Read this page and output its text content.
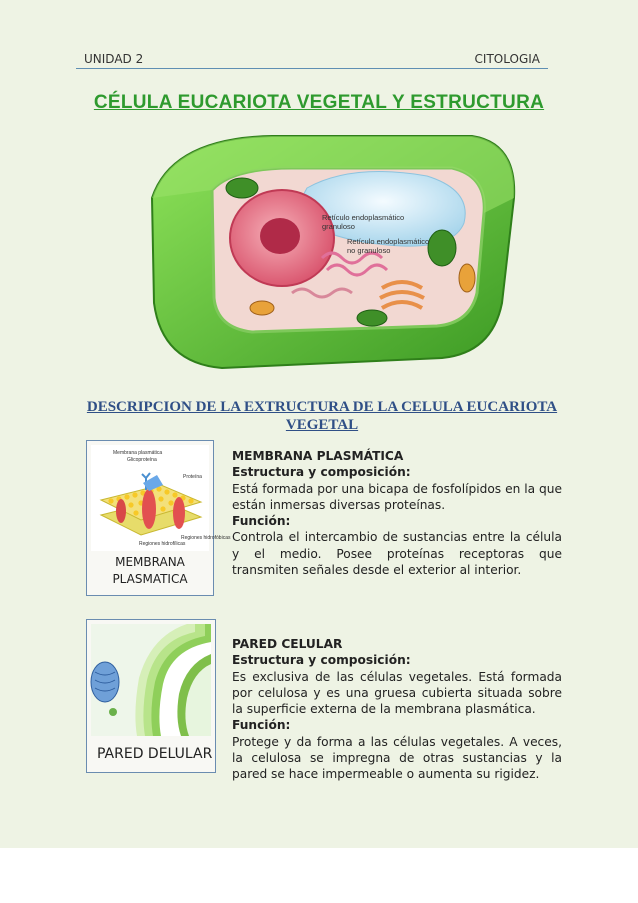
UNIDAD 2	CITOLOGIA
CÉLULA EUCARIOTA VEGETAL Y ESTRUCTURA
Retículo endoplasmático
granuloso
Retículo endoplasmático
no granuloso
DESCRIPCION DE LA EXTRUCTURA DE LA CELULA EUCARIOTA
VEGETAL
Membrana plasmática
Glicoproteína
Proteína
Regiones hidrofóbicas
Regiones hidrofílicas
MEMBRANA
PLASMATICA
MEMBRANA PLASMÁTICA
Estructura y composición:
Está formada por una bicapa de fosfolípidos en la que están inmersas diversas proteínas.
Función:
Controla el intercambio de sustancias entre la célula y el medio. Posee proteínas receptoras que transmiten señales desde el exterior al interior.
PARED DELULAR
PARED CELULAR
Estructura y composición:
Es exclusiva de las células vegetales. Está formada por celulosa y es una gruesa cubierta situada sobre la superficie externa de la membrana plasmática.
Función:
Protege y da forma a las células vegetales. A veces, la celulosa se impregna de otras sustancias y la pared se hace impermeable o aumenta su rigidez.
